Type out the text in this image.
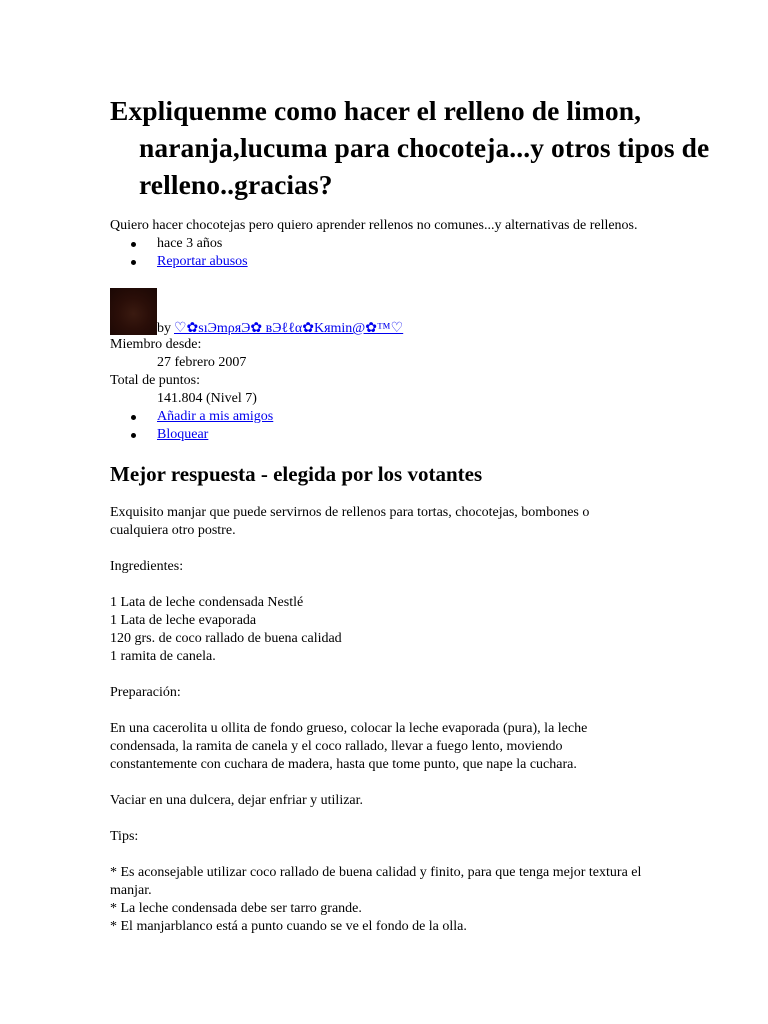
Expliquenme como hacer el relleno de limon, naranja,lucuma para chocoteja...y otros tipos de relleno..gracias?
Quiero hacer chocotejas pero quiero aprender rellenos no comunes...y alternativas de rellenos.
hace 3 años
Reportar abusos
by ♡✿sıЭmρяЭ✿ вЭℓℓα✿Kяmin@✿™♡
Miembro desde:
27 febrero 2007
Total de puntos:
141.804 (Nivel 7)
Añadir a mis amigos
Bloquear
Mejor respuesta - elegida por los votantes

Exquisito manjar que puede servirnos de rellenos para tortas, chocotejas, bombones o cualquiera otro postre.

Ingredientes:

1 Lata de leche condensada Nestlé
1 Lata de leche evaporada
120 grs. de coco rallado de buena calidad
1 ramita de canela.

Preparación:

En una cacerolita u ollita de fondo grueso, colocar la leche evaporada (pura), la leche condensada, la ramita de canela y el coco rallado, llevar a fuego lento, moviendo constantemente con cuchara de madera, hasta que tome punto, que nape la cuchara.

Vaciar en una dulcera, dejar enfriar y utilizar.

Tips:

* Es aconsejable utilizar coco rallado de buena calidad y finito, para que tenga mejor textura el manjar.
* La leche condensada debe ser tarro grande.
* El manjarblanco está a punto cuando se ve el fondo de la olla.
